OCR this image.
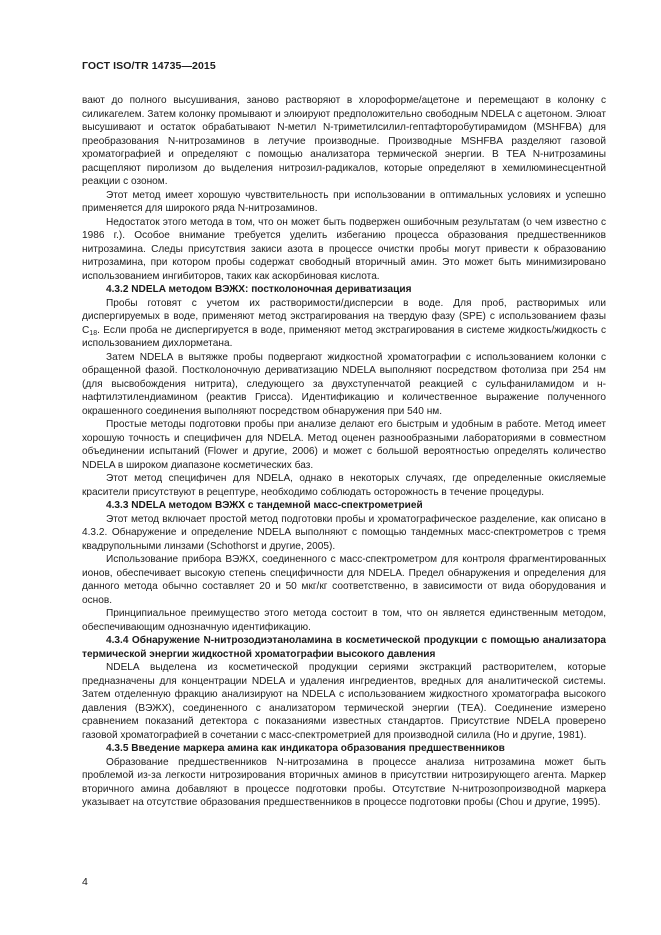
ГОСТ ISO/TR 14735—2015

вают до полного высушивания, заново растворяют в хлороформе/ацетоне и перемещают в колонку с силикагелем. Затем колонку промывают и элюируют предположительно свободным NDELA с ацетоном. Элюат высушивают и остаток обрабатывают N-метил N-триметилсилил-гептафторобутирамидом (MSHFBA) для преобразования N-нитрозаминов в летучие производные. Производные MSHFBA разделяют газовой хроматографией и определяют с помощью анализатора термической энергии. В TEA N-нитрозамины расщепляют пиролизом до выделения нитрозил-радикалов, которые определяют в хемилюминесцентной реакции с озоном.

Этот метод имеет хорошую чувствительность при использовании в оптимальных условиях и успешно применяется для широкого ряда N-нитрозаминов.

Недостаток этого метода в том, что он может быть подвержен ошибочным результатам (о чем известно с 1986 г.). Особое внимание требуется уделить избеганию процесса образования предшественников нитрозамина. Следы присутствия закиси азота в процессе очистки пробы могут привести к образованию нитрозамина, при котором пробы содержат свободный вторичный амин. Это может быть минимизировано использованием ингибиторов, таких как аскорбиновая кислота.

4.3.2 NDELA методом ВЭЖХ: постколоночная дериватизация

Пробы готовят с учетом их растворимости/дисперсии в воде. Для проб, растворимых или диспергируемых в воде, применяют метод экстрагирования на твердую фазу (SPE) с использованием фазы $C_{18}$. Если проба не диспергируется в воде, применяют метод экстрагирования в системе жидкость/жидкость с использованием дихлорметана.

Затем NDELA в вытяжке пробы подвергают жидкостной хроматографии с использованием колонки с обращенной фазой. Постколоночную дериватизацию NDELA выполняют посредством фотолиза при 254 нм (для высвобождения нитрита), следующего за двухступенчатой реакцией с сульфаниламидом и н-нафтилэтилендиамином (реактив Грисса). Идентификацию и количественное выражение полученного окрашенного соединения выполняют посредством обнаружения при 540 нм.

Простые методы подготовки пробы при анализе делают его быстрым и удобным в работе. Метод имеет хорошую точность и специфичен для NDELA. Метод оценен разнообразными лабораториями в совместном объединении испытаний (Flower и другие, 2006) и может с большой вероятностью определять количество NDELA в широком диапазоне косметических баз.

Этот метод специфичен для NDELA, однако в некоторых случаях, где определенные окисляемые красители присутствуют в рецептуре, необходимо соблюдать осторожность в течение процедуры.

4.3.3 NDELA методом ВЭЖХ с тандемной масс-спектрометрией

Этот метод включает простой метод подготовки пробы и хроматографическое разделение, как описано в 4.3.2. Обнаружение и определение NDELA выполняют с помощью тандемных масс-спектрометров с тремя квадрупольными линзами (Schothorst и другие, 2005).

Использование прибора ВЭЖХ, соединенного с масс-спектрометром для контроля фрагментированных ионов, обеспечивает высокую степень специфичности для NDELA. Предел обнаружения и определения для данного метода обычно составляет 20 и 50 мкг/кг соответственно, в зависимости от вида оборудования и основ.

Принципиальное преимущество этого метода состоит в том, что он является единственным методом, обеспечивающим однозначную идентификацию.

4.3.4 Обнаружение N-нитрозодиэтаноламина в косметической продукции с помощью анализатора термической энергии жидкостной хроматографии высокого давления

NDELA выделена из косметической продукции сериями экстракций растворителем, которые предназначены для концентрации NDELA и удаления ингредиентов, вредных для аналитической системы. Затем отделенную фракцию анализируют на NDELA с использованием жидкостного хроматографа высокого давления (ВЭЖХ), соединенного с анализатором термической энергии (TEA). Соединение измерено сравнением показаний детектора с показаниями известных стандартов. Присутствие NDELA проверено газовой хроматографией в сочетании с масс-спектрометрией для производной силила (Ho и другие, 1981).

4.3.5 Введение маркера амина как индикатора образования предшественников

Образование предшественников N-нитрозамина в процессе анализа нитрозамина может быть проблемой из-за легкости нитрозирования вторичных аминов в присутствии нитрозирующего агента. Маркер вторичного амина добавляют в процессе подготовки пробы. Отсутствие N-нитрозопроизводной маркера указывает на отсутствие образования предшественников в процессе подготовки пробы (Chou и другие, 1995).

4
